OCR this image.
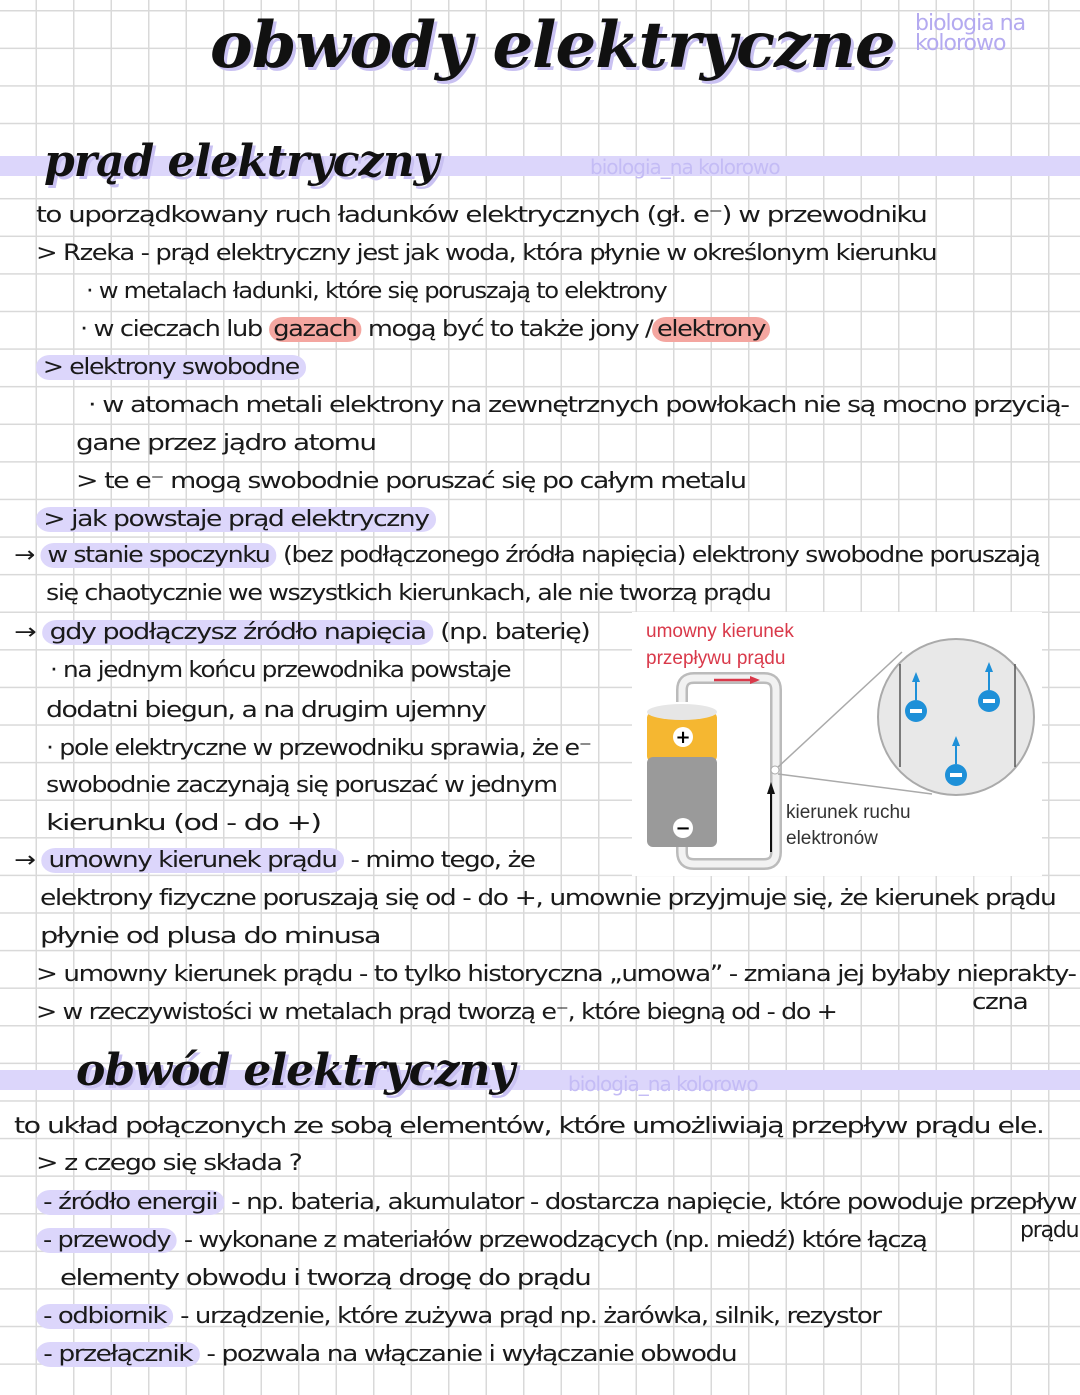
obwody elektryczne biologia na kolorowo
biologia_na kolorowo
prąd elektryczny
biologia_na kolorowo
obwód elektryczny
to uporządkowany ruch ładunków elektrycznych (gł. e⁻) w przewodniku
> Rzeka - prąd elektryczny jest jak woda, która płynie w określonym kierunku
· w metalach ładunki, które się poruszają to elektrony
· w cieczach lub gazach mogą być to także jony / elektrony
> elektrony swobodne
· w atomach metali elektrony na zewnętrznych powłokach nie są mocno przycią-
gane przez jądro atomu
> te e⁻ mogą swobodnie poruszać się po całym metalu
> jak powstaje prąd elektryczny
→ w stanie spoczynku (bez podłączonego źródła napięcia) elektrony swobodne poruszają
się chaotycznie we wszystkich kierunkach, ale nie tworzą prądu
→ gdy podłączysz źródło napięcia (np. baterię)
· na jednym końcu przewodnika powstaje
dodatni biegun, a na drugim ujemny
· pole elektryczne w przewodniku sprawia, że e⁻
swobodnie zaczynają się poruszać w jednym
kierunku (od - do +)
→ umowny kierunek prądu - mimo tego, że
elektrony fizyczne poruszają się od - do +, umownie przyjmuje się, że kierunek prądu
płynie od plusa do minusa
> umowny kierunek prądu - to tylko historyczna „umowa” - zmiana jej byłaby nieprakty-
czna
> w rzeczywistości w metalach prąd tworzą e⁻, które biegną od - do +
to układ połączonych ze sobą elementów, które umożliwiają przepływ prądu ele.
> z czego się składa ?
- źródło energii - np. bateria, akumulator - dostarcza napięcie, które powoduje przepływ
prądu
- przewody - wykonane z materiałów przewodzących (np. miedź) które łączą
elementy obwodu i tworzą drogę do prądu
- odbiornik - urządzenie, które zużywa prąd np. żarówka, silnik, rezystor
- przełącznik - pozwala na włączanie i wyłączanie obwodu
+
−
umowny kierunek
przepływu prądu
kierunek ruchu
elektronów
